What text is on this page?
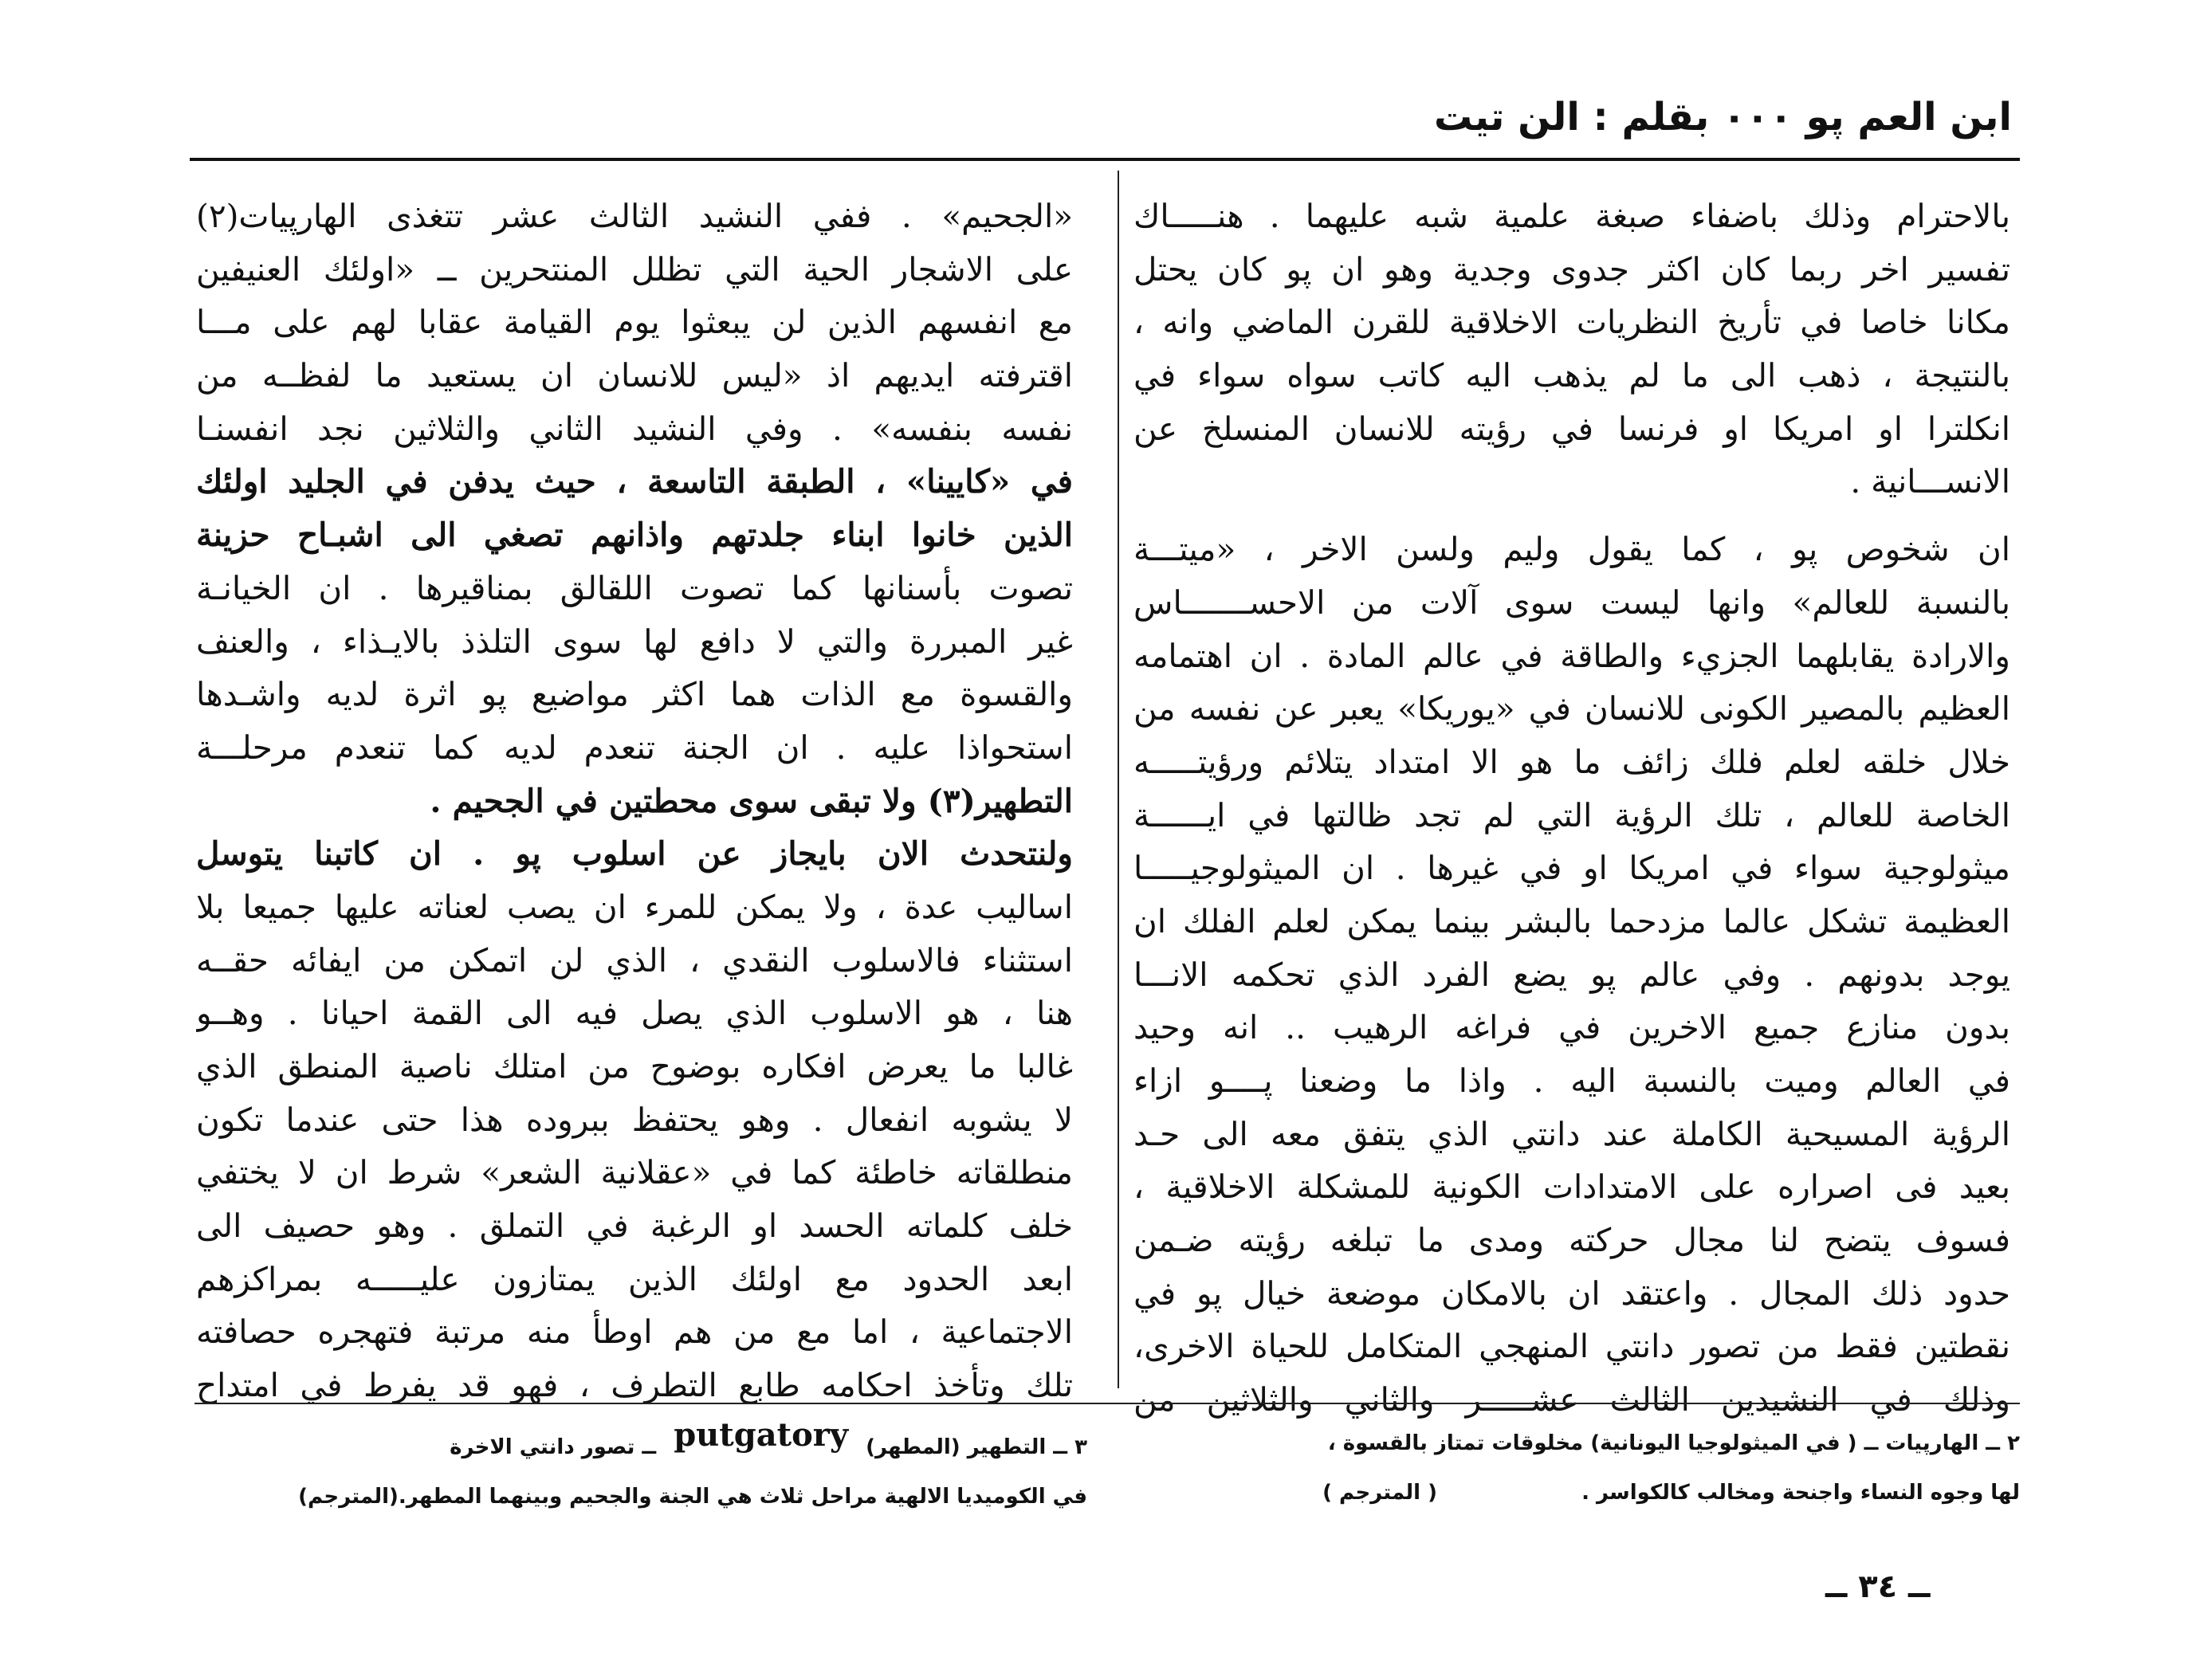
ابن العم پو ٠٠٠ بقلم : الن تيت
بالاحترام وذلك باضفاء صبغة علمية شبه عليهما . هنـــــاك
تفسير اخر ربما كان اكثر جدوى وجدية وهو ان پو كان يحتل
مكانا خاصا في تأريخ النظريات الاخلاقية للقرن الماضي وانه ،
بالنتيجة ، ذهب الى ما لم يذهب اليه كاتب سواه سواء في
انكلترا او امريكا او فرنسا في رؤيته للانسان المنسلخ عن
الانســـانية .
ان شخوص پو ، كما يقول وليم ولسن الاخر ، «ميتـــة
بالنسبة للعالم» وانها ليست سوى آلات من الاحســـــــاس
والارادة يقابلهما الجزيء والطاقة في عالم المادة . ان اهتمامه
العظيم بالمصير الكونى للانسان في «يوريكا» يعبر عن نفسه من
خلال خلقه لعلم فلك زائف ما هو الا امتداد يتلائم ورؤيتـــــه
الخاصة للعالم ، تلك الرؤية التي لم تجد ظالتها في ايــــــة
ميثولوجية سواء في امريكا او في غيرها . ان الميثولوجيـــــا
العظيمة تشكل عالما مزدحما بالبشر بينما يمكن لعلم الفلك ان
يوجد بدونهم . وفي عالم پو يضع الفرد الذي تحكمه الانـــا
بدون منازع جميع الاخرين في فراغه الرهيب .. انه وحيد
في العالم وميت بالنسبة اليه . واذا ما وضعنا پــــو ازاء
الرؤية المسيحية الكاملة عند دانتي الذي يتفق معه الى حـد
بعيد فى اصراره على الامتدادات الكونية للمشكلة الاخلاقية ،
فسوف يتضح لنا مجال حركته ومدى ما تبلغه رؤيته ضـمن
حدود ذلك المجال . واعتقد ان بالامكان موضعة خيال پو في
نقطتين فقط من تصور دانتي المنهجي المتكامل للحياة الاخرى،
وذلك في النشيدين الثالث عشـــــر والثاني والثلاثين من
«الجحيم» . ففي النشيد الثالث عشر تتغذى الهارپيات(٢)
على الاشجار الحية التي تظلل المنتحرين ــ «اولئك العنيفين
مع انفسهم الذين لن يبعثوا يوم القيامة عقابا لهم على مـــا
اقترفته ايديهم اذ «ليس للانسان ان يستعيد ما لفظــه من
نفسه بنفسه» . وفي النشيد الثاني والثلاثين نجد انفسنـا
في «كايينا» ، الطبقة التاسعة ، حيث يدفن في الجليد اولئك
الذين خانوا ابناء جلدتهم واذانهم تصغي الى اشبـاح حزينة
تصوت بأسنانها كما تصوت اللقالق بمناقيرها . ان الخيانـة
غير المبررة والتي لا دافع لها سوى التلذذ بالايـذاء ، والعنف
والقسوة مع الذات هما اكثر مواضيع پو اثرة لديه واشـدها
استحواذا عليه . ان الجنة تنعدم لديه كما تنعدم مرحلـــة
التطهير(٣) ولا تبقى سوى محطتين في الجحيم .
ولنتحدث الان بايجاز عن اسلوب پو . ان كاتبنا يتوسل
اساليب عدة ، ولا يمكن للمرء ان يصب لعناته عليها جميعا بلا
استثناء فالاسلوب النقدي ، الذي لن اتمكن من ايفائه حقــه
هنا ، هو الاسلوب الذي يصل فيه الى القمة احيانا . وهــو
غالبا ما يعرض افكاره بوضوح من امتلك ناصية المنطق الذي
لا يشوبه انفعال . وهو يحتفظ ببروده هذا حتى عندما تكون
منطلقاته خاطئة كما في «عقلانية الشعر» شرط ان لا يختفي
خلف كلماته الحسد او الرغبة في التملق . وهو حصيف الى
ابعد الحدود مع اولئك الذين يمتازون عليـــــه بمراكزهم
الاجتماعية ، اما مع من هم اوطأ منه مرتبة فتهجره حصافته
تلك وتأخذ احكامه طابع التطرف ، فهو قد يفرط في امتداح
٢ ــ الهارپيات ــ ( في الميثولوجيا اليونانية) مخلوقات تمتاز بالقسوة ،
لها وجوه النساء واجنحة ومخالب كالكواسر .                    ( المترجم )
٣ ــ التطهير (المطهر)putgatoryــ تصور دانتي الاخرة
في الكوميديا الالهية مراحل ثلاث هي الجنة والجحيم وبينهما المطهر.(المترجم)
ــ ٣٤ ــ
